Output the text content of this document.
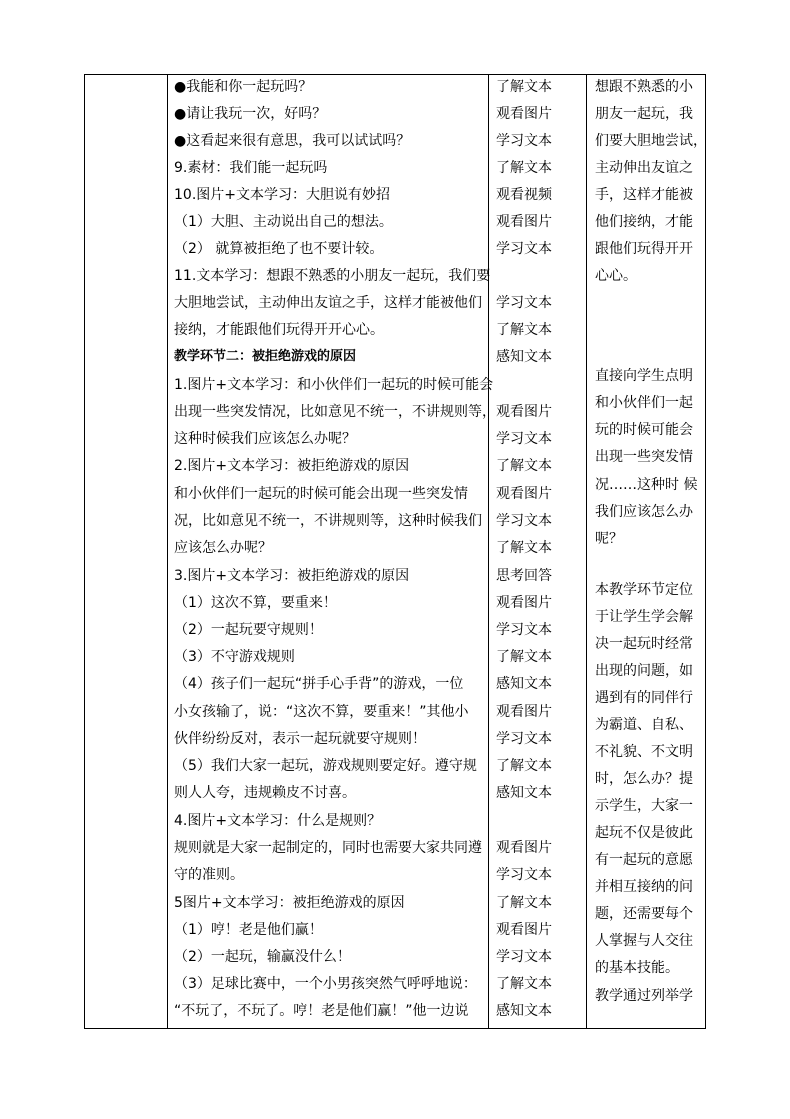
●我能和你一起玩吗？
●请让我玩一次，好吗？
●这看起来很有意思，我可以试试吗？
9.素材：我们能一起玩吗
10.图片+文本学习：大胆说有妙招
（1）大胆、主动说出自己的想法。
（2） 就算被拒绝了也不要计较。
11.文本学习：想跟不熟悉的小朋友一起玩，我们要
大胆地尝试，主动伸出友谊之手，这样才能被他们
接纳，才能跟他们玩得开开心心。
教学环节二：被拒绝游戏的原因
1.图片+文本学习：和小伙伴们一起玩的时候可能会
出现一些突发情况，比如意见不统一，不讲规则等，
这种时候我们应该怎么办呢？
2.图片+文本学习：被拒绝游戏的原因
和小伙伴们一起玩的时候可能会出现一些突发情
况，比如意见不统一，不讲规则等，这种时候我们
应该怎么办呢？
3.图片+文本学习：被拒绝游戏的原因
（1）这次不算，要重来！
（2）一起玩要守规则！
（3）不守游戏规则
（4）孩子们一起玩“拼手心手背”的游戏，一位
小女孩输了，说：“这次不算，要重来！”其他小
伙伴纷纷反对，表示一起玩就要守规则！
（5）我们大家一起玩，游戏规则要定好。遵守规
则人人夸，违规赖皮不讨喜。
4.图片+文本学习：什么是规则？
规则就是大家一起制定的，同时也需要大家共同遵
守的准则。
5图片+文本学习：被拒绝游戏的原因
（1）哼！老是他们赢！
（2）一起玩，输赢没什么！
（3）足球比赛中，一个小男孩突然气呼呼地说：
“不玩了，不玩了。哼！老是他们赢！”他一边说
了解文本
观看图片
学习文本
了解文本
观看视频
观看图片
学习文本
学习文本
了解文本
感知文本
观看图片
学习文本
了解文本
观看图片
学习文本
了解文本
思考回答
观看图片
学习文本
了解文本
感知文本
观看图片
学习文本
了解文本
感知文本
观看图片
学习文本
了解文本
观看图片
学习文本
了解文本
感知文本
想跟不熟悉的小
朋友一起玩，我
们要大胆地尝试，
主动伸出友谊之
手，这样才能被
他们接纳，才能
跟他们玩得开开
心心。
直接向学生点明
和小伙伴们一起
玩的时候可能会
出现一些突发情
况……这种时 候
我们应该怎么办
呢？
本教学环节定位
于让学生学会解
决一起玩时经常
出现的问题，如
遇到有的同伴行
为霸道、自私、
不礼貌、不文明
时，怎么办？提
示学生，大家一
起玩不仅是彼此
有一起玩的意愿
并相互接纳的问
题，还需要每个
人掌握与人交往
的基本技能。
教学通过列举学
